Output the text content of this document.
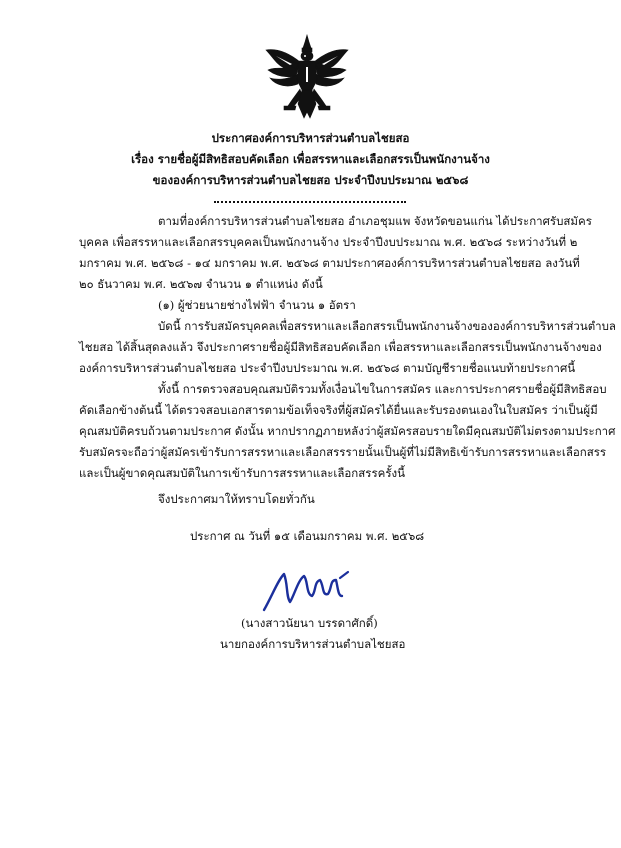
ประกาศองค์การบริหารส่วนตำบลไชยสอ
เรื่อง รายชื่อผู้มีสิทธิสอบคัดเลือก เพื่อสรรหาและเลือกสรรเป็นพนักงานจ้าง
ขององค์การบริหารส่วนตำบลไชยสอ ประจำปีงบประมาณ ๒๕๖๘
ตามที่องค์การบริหารส่วนตำบลไชยสอ อำเภอชุมแพ จังหวัดขอนแก่น ได้ประกาศรับสมัคร
บุคคล เพื่อสรรหาและเลือกสรรบุคคลเป็นพนักงานจ้าง ประจำปีงบประมาณ พ.ศ. ๒๕๖๘ ระหว่างวันที่ ๒
มกราคม พ.ศ. ๒๕๖๘ - ๑๔ มกราคม พ.ศ. ๒๕๖๘ ตามประกาศองค์การบริหารส่วนตำบลไชยสอ ลงวันที่
๒๐ ธันวาคม พ.ศ. ๒๕๖๗ จำนวน ๑ ตำแหน่ง ดังนี้
(๑) ผู้ช่วยนายช่างไฟฟ้า จำนวน ๑ อัตรา
บัดนี้ การรับสมัครบุคคลเพื่อสรรหาและเลือกสรรเป็นพนักงานจ้างขององค์การบริหารส่วนตำบล
ไชยสอ ได้สิ้นสุดลงแล้ว จึงประกาศรายชื่อผู้มีสิทธิสอบคัดเลือก เพื่อสรรหาและเลือกสรรเป็นพนักงานจ้างของ
องค์การบริหารส่วนตำบลไชยสอ ประจำปีงบประมาณ พ.ศ. ๒๕๖๘ ตามบัญชีรายชื่อแนบท้ายประกาศนี้
ทั้งนี้ การตรวจสอบคุณสมบัติรวมทั้งเงื่อนไขในการสมัคร และการประกาศรายชื่อผู้มีสิทธิสอบ
คัดเลือกข้างต้นนี้ ได้ตรวจสอบเอกสารตามข้อเท็จจริงที่ผู้สมัครได้ยื่นและรับรองตนเองในใบสมัคร ว่าเป็นผู้มี
คุณสมบัติครบถ้วนตามประกาศ ดังนั้น หากปรากฏภายหลังว่าผู้สมัครสอบรายใดมีคุณสมบัติไม่ตรงตามประกาศ
รับสมัครจะถือว่าผู้สมัครเข้ารับการสรรหาและเลือกสรรรายนั้นเป็นผู้ที่ไม่มีสิทธิเข้ารับการสรรหาและเลือกสรร
และเป็นผู้ขาดคุณสมบัติในการเข้ารับการสรรหาและเลือกสรรครั้งนี้
จึงประกาศมาให้ทราบโดยทั่วกัน
ประกาศ ณ วันที่ ๑๕ เดือนมกราคม พ.ศ. ๒๕๖๘
(นางสาวนัยนา บรรดาศักดิ์)
นายกองค์การบริหารส่วนตำบลไชยสอ
